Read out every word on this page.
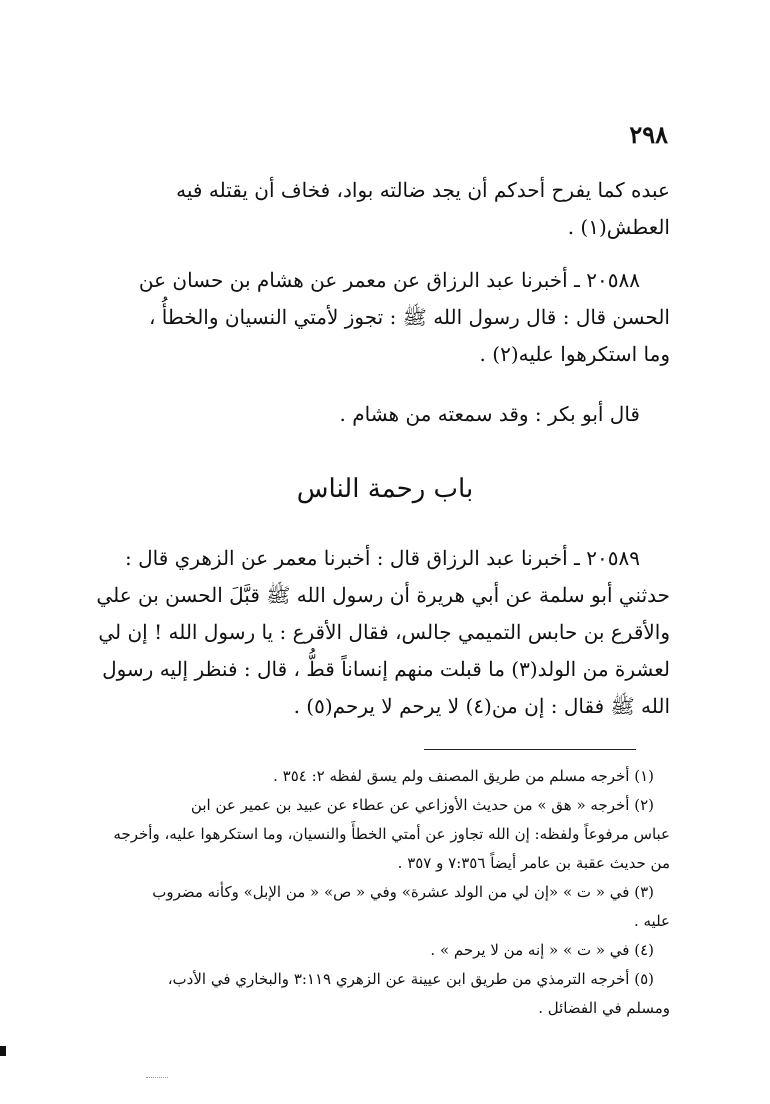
٢٩٨

عبده كما يفرح أحدكم أن يجد ضالته بواد، فخاف أن يقتله فيه

العطش(١) .

٢٠٥٨٨ ـ أخبرنا عبد الرزاق عن معمر عن هشام بن حسان عن

الحسن قال : قال رسول الله ﷺ : تجوز لأمتي النسيان والخطأُ ،

وما استكرهوا عليه(٢) .

قال أبو بكر : وقد سمعته من هشام .

باب رحمة الناس

٢٠٥٨٩ ـ أخبرنا عبد الرزاق قال : أخبرنا معمر عن الزهري قال :

حدثني أبو سلمة عن أبي هريرة أن رسول الله ﷺ قبَّلَ الحسن بن علي

والأقرع بن حابس التميمي جالس، فقال الأقرع : يا رسول الله ! إن لي

لعشرة من الولد(٣) ما قبلت منهم إنساناً قطُّ ، قال : فنظر إليه رسول

الله ﷺ فقال : إن من(٤) لا يرحم لا يرحم(٥) .

(١) أخرجه مسلم من طريق المصنف ولم يسق لفظه ٢: ٣٥٤ .

(٢) أخرجه « هق » من حديث الأوزاعي عن عطاء عن عبيد بن عمير عن ابن

عباس مرفوعاً ولفظه: إن الله تجاوز عن أمتي الخطأَ والنسيان، وما استكرهوا عليه، وأخرجه

من حديث عقبة بن عامر أيضاً ٧:٣٥٦ و ٣٥٧ .

(٣) في « ت » «إن لي من الولد عشرة» وفي « ص» « من الإبل» وكأنه مضروب

عليه .

(٤) في « ت » « إنه من لا يرحم » .

(٥) أخرجه الترمذي من طريق ابن عيينة عن الزهري ٣:١١٩ والبخاري في الأدب،

ومسلم في الفضائل .
